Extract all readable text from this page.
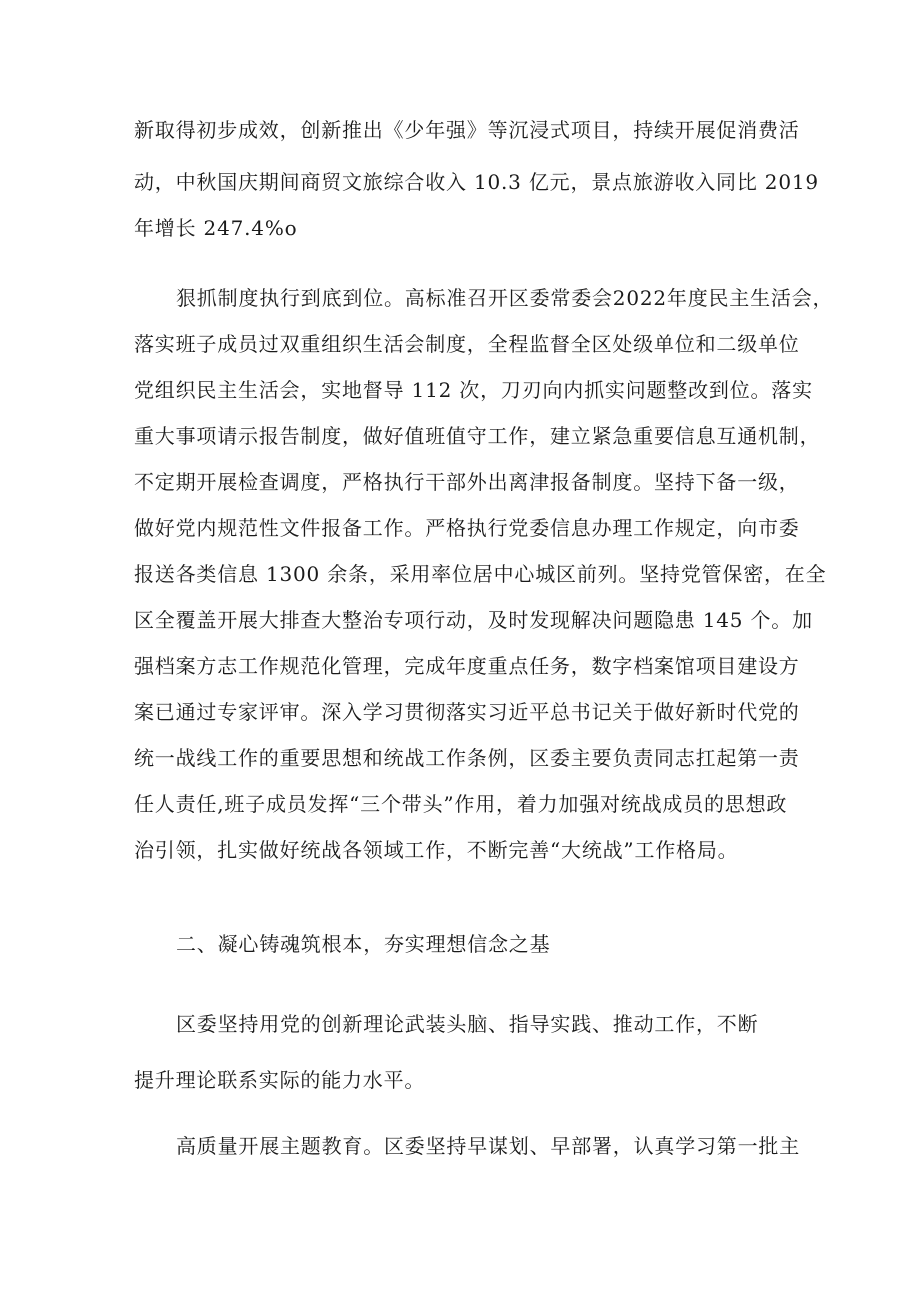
新取得初步成效，创新推出《少年强》等沉浸式项目，持续开展促消费活
动，中秋国庆期间商贸文旅综合收入 10.3 亿元，景点旅游收入同比 2019
年增长 247.4%o
狠抓制度执行到底到位。高标准召开区委常委会2022年度民主生活会，
落实班子成员过双重组织生活会制度，全程监督全区处级单位和二级单位
党组织民主生活会，实地督导 112 次，刀刃向内抓实问题整改到位。落实
重大事项请示报告制度，做好值班值守工作，建立紧急重要信息互通机制，
不定期开展检查调度，严格执行干部外出离津报备制度。坚持下备一级，
做好党内规范性文件报备工作。严格执行党委信息办理工作规定，向市委
报送各类信息 1300 余条，采用率位居中心城区前列。坚持党管保密，在全
区全覆盖开展大排查大整治专项行动，及时发现解决问题隐患 145 个。加
强档案方志工作规范化管理，完成年度重点任务，数字档案馆项目建设方
案已通过专家评审。深入学习贯彻落实习近平总书记关于做好新时代党的
统一战线工作的重要思想和统战工作条例，区委主要负责同志扛起第一责
任人责任,班子成员发挥“三个带头”作用，着力加强对统战成员的思想政
治引领，扎实做好统战各领域工作，不断完善“大统战”工作格局。
二、凝心铸魂筑根本，夯实理想信念之基
区委坚持用党的创新理论武装头脑、指导实践、推动工作，不断
提升理论联系实际的能力水平。
高质量开展主题教育。区委坚持早谋划、早部署，认真学习第一批主
